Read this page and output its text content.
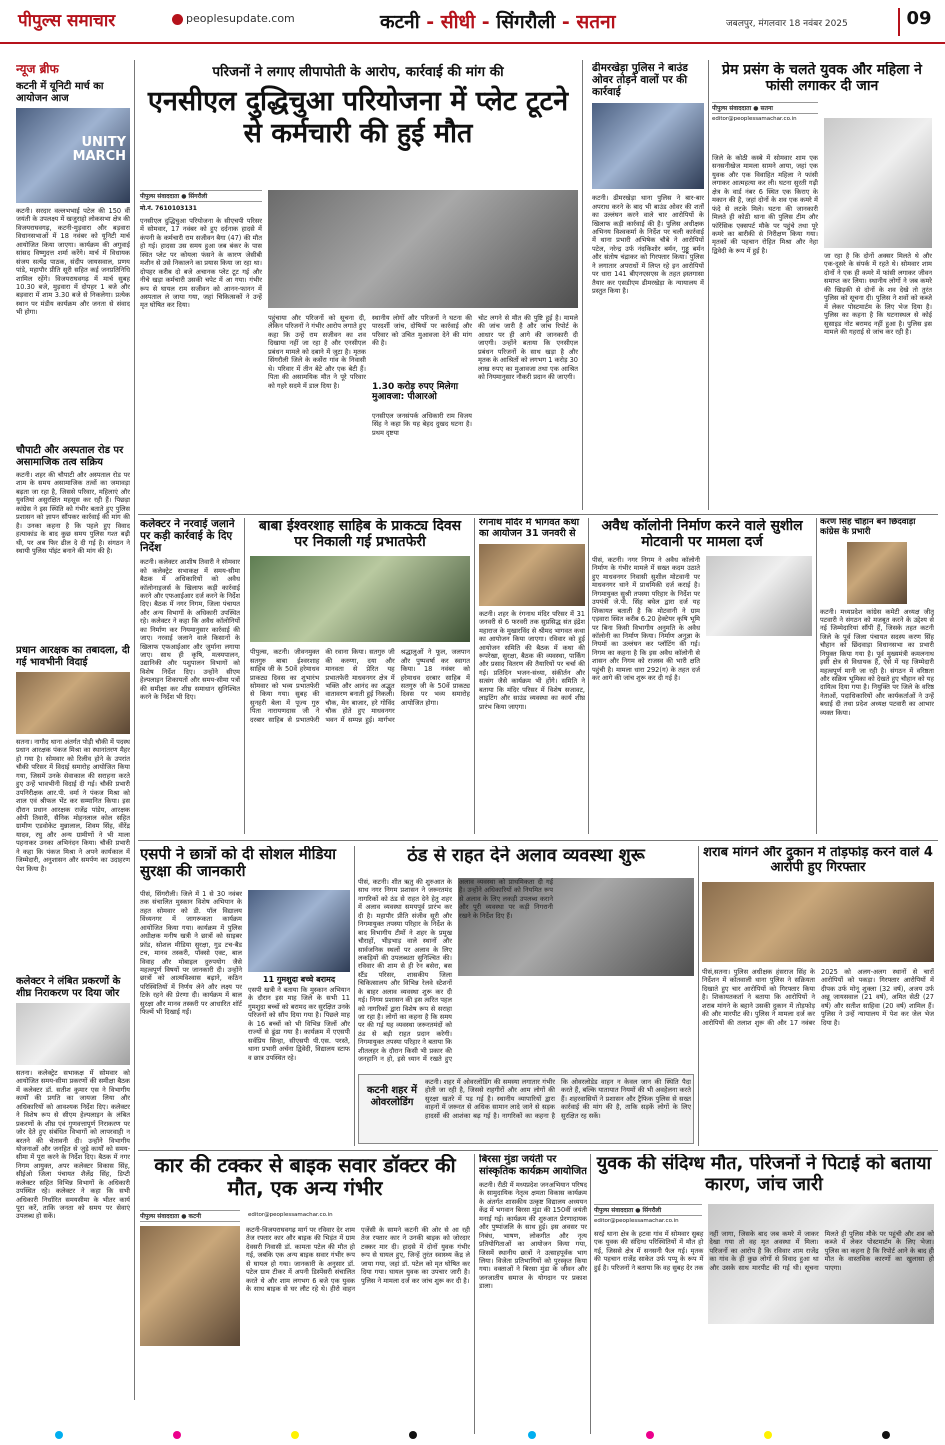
पीपुल्स समाचार	peoplesupdate.com	कटनी - सीधी - सिंगरौली - सतना	जबलपुर, मंगलवार 18 नवंबर 2025	09
न्यूज ब्रीफ
कटनी में यूनिटी मार्च का आयोजन आज
UNITY MARCH
कटनी। सरदार वल्लभभाई पटेल की 150 वीं जयंती के उपलक्ष्य में खजुराहो लोकसभा क्षेत्र की विजयराघवगढ़, कटनी-मुड़वारा और बड़वारा विधानसभाओं में 18 नवंबर को यूनिटी मार्च आयोजित किया जाएगा। कार्यक्रम की अगुवाई सांसद विष्णुदत्त शर्मा करेंगे। मार्च में विधायक संजय सत्येंद्र पाठक, संदीप जायसवाल, प्रणय पांडे, महापौर प्रीति सूरी सहित कई जनप्रतिनिधि शामिल रहेंगे। विजयराघवगढ़ में मार्च सुबह 10.30 बजे, मुड़वारा में दोपहर 1 बजे और बड़वारा में शाम 3.30 बजे से निकलेगा। प्रत्येक स्थान पर मंडीय कार्यक्रम और जनता से संवाद भी होगा।
चौपाटी और अस्पताल रोड पर असामाजिक तत्व सक्रिय
कटनी। शहर की चौपाटी और अस्पताल रोड पर शाम के समय असामाजिक तत्वों का जमावड़ा बढ़ता जा रहा है, जिससे परिवार, महिलाएं और युवतियां असुरक्षित महसूस कर रही हैं। पिछड़ा कांग्रेस ने इस स्थिति को गंभीर बताते हुए पुलिस प्रशासन को ज्ञापन सौंपकर कार्रवाई की मांग की है। उनका कहना है कि पहले हुए विवाद हत्याकांड के बाद कुछ समय पुलिस गश्त बढ़ी थी, पर अब फिर ढील दे दी गई है। संगठन ने स्थायी पुलिस पॉइंट बनाने की मांग की है।
प्रधान आरक्षक का तबादला, दी गई भावभीनी विदाई
सतना। नागौद थाना अंतर्गत पोड़ी चौकी में पदस्थ प्रधान आरक्षक पंकज मिश्रा का स्थानांतरण मैहर हो गया है। सोमवार को रिलीव होने के उपरांत चौकी परिसर में विदाई समारोह आयोजित किया गया, जिसमें उनके सेवाकाल की सराहना करते हुए उन्हें भावभीनी विदाई दी गई। चौकी प्रभारी उपनिरीक्षक आर.पी. वर्मा ने पंकज मिश्रा को शाल एवं श्रीफल भेंट कर सम्मानित किया। इस दौरान प्रधान आरक्षक राजेंद्र पांडेय, आरक्षक ओपी तिवारी, सैनिक मोहनलाल कोल सहित ग्रामीण एडवोकेट मुन्नालाल, शिवम सिंह, वीरेंद्र यादव, रघु और अन्य ग्रामीणों ने भी माला पहनाकर उनका अभिनंदन किया। चौकी प्रभारी ने कहा कि पंकज मिश्रा ने अपने कार्यकाल में जिम्मेदारी, अनुशासन और समर्पण का उदाहरण पेश किया है।
कलेक्टर ने लंबित प्रकरणों के शीघ्र निराकरण पर दिया जोर
सतना। कलेक्ट्रेट सभाकक्ष में सोमवार को आयोजित समय-सीमा प्रकरणों की समीक्षा बैठक में कलेक्टर डॉ. सतीश कुमार एस ने विभागीय कार्यों की प्रगति का जायजा लिया और अधिकारियों को आवश्यक निर्देश दिए। कलेक्टर ने विशेष रूप से सीएम हेल्पलाइन के लंबित प्रकरणों के शीघ्र एवं गुणवत्तापूर्ण निराकरण पर जोर देते हुए संबंधित विभागों को लापरवाही न बरतने की चेतावनी दी। उन्होंने विभागीय योजनाओं और जनहित से जुड़े कार्यों को समय-सीमा में पूरा करने के निर्देश दिए। बैठक में नगर निगम आयुक्त, अपर कलेक्टर विकास सिंह, सीईओ जिला पंचायत शैलेंद्र सिंह, डिप्टी कलेक्टर सहित विभिन्न विभागों के अधिकारी उपस्थित रहे। कलेक्टर ने कहा कि सभी अधिकारी निर्धारित समयसीमा के भीतर कार्य पूरा करें, ताकि जनता को समय पर सेवाएं उपलब्ध हो सकें।
परिजनों ने लगाए लीपापोती के आरोप, कार्रवाई की मांग की
एनसीएल दुद्धिचुआ परियोजना में प्लेट टूटने से कर्मचारी की हुई मौत
पीपुल्स संवाददाता ● सिंगरौली
मो.नं. 7610103131
एनसीएल दुद्धिचुआ परियोजना के सीएचपी परिसर में सोमवार, 17 नवंबर को हुए दर्दनाक हादसे में कंपनी के कर्मचारी राम सजीवन बैगा (47) की मौत हो गई। हादसा उस समय हुआ जब बंकर के पास स्थित प्लेट पर कोयला फंसने के कारण जेसीबी मशीन से उसे निकालने का प्रयास किया जा रहा था। दोपहर करीब दो बजे अचानक प्लेट टूट गई और नीचे खड़ा कर्मचारी उसकी चपेट में आ गया। गंभीर रूप से घायल राम सजीवन को आनन-फानन में अस्पताल ले जाया गया, जहां चिकित्सकों ने उन्हें मृत घोषित कर दिया।
पहुंचाया और परिजनों को सूचना दी, लेकिन परिजनों ने गंभीर आरोप लगाते हुए कहा कि उन्हें राम सजीवन का शव दिखाया नहीं जा रहा है और एनसीएल प्रबंधन मामले को दबाने में जुटा है। मृतक सिंगरौली जिले के कर्सेरा गांव के निवासी थे। परिवार में तीन बेटे और एक बेटी हैं। पिता की असामयिक मौत ने पूरे परिवार को गहरे सदमे में डाल दिया है।
स्थानीय लोगों और परिजनों ने घटना की पारदर्शी जांच, दोषियों पर कार्रवाई और परिवार को उचित मुआवजा देने की मांग की है।
1.30 करोड़ रुपए मिलेगा मुआवजा: पीआरओ
एनसीएल जनसंपर्क अधिकारी राम विजय सिंह ने कहा कि यह बेहद दुखद घटना है। प्रथम दृष्टया
चोट लगने से मौत की पुष्टि हुई है। मामले की जांच जारी है और जांच रिपोर्ट के आधार पर ही आगे की जानकारी दी जाएगी। उन्होंने बताया कि एनसीएल प्रबंधन परिजनों के साथ खड़ा है और मृतक के आश्रितों को लगभग 1 करोड़ 30 लाख रुपए का मुआवजा तथा एक आश्रित को नियमानुसार नौकरी प्रदान की जाएगी।
ढीमरखेड़ा पुलिस ने बाउंड ओवर तोड़ने वालों पर की कार्रवाई
कटनी। ढीमरखेड़ा थाना पुलिस ने बार-बार अपराध करने के बाद भी बाउंड ओवर की शर्तों का उल्लंघन करने वाले चार आरोपियों के खिलाफ कड़ी कार्रवाई की है। पुलिस अधीक्षक अभिनय विश्वकर्मा के निर्देश पर चली कार्रवाई में थाना प्रभारी अभिषेक चौबे ने आरोपियों पटेल, नरेन्द्र उर्फ नंदकिशोर बर्मन, गुड्डू बर्मन और संतोष चंद्राकर को गिरफ्तार किया। पुलिस ने लगातार अपराधों में लिप्त रहे इन आरोपियों पर धारा 141 बीएनएसएस के तहत इस्तगासा तैयार कर एसडीएम ढीमरखेड़ा के न्यायालय में प्रस्तुत किया है।
प्रेम प्रसंग के चलते युवक और महिला ने फांसी लगाकर दी जान
पीपुल्स संवाददाता ● सतना
editor@peoplessamachar.co.in
जिले के कोठी कस्बे में सोमवार शाम एक सनसनीखेज मामला सामने आया, जहां एक युवक और एक विवाहित महिला ने फांसी लगाकर आत्महत्या कर ली। घटना सुरती गढ़ी क्षेत्र के वार्ड नंबर 6 स्थित एक किराए के मकान की है, जहां दोनों के शव एक कमरे में फंदे से लटके मिले। घटना की जानकारी मिलते ही कोठी थाना की पुलिस टीम और फॉरेंसिक एक्सपर्ट मौके पर पहुंचे तथा पूरे कमरे का बारीकी से निरीक्षण किया गया। मृतकों की पहचान रोहित मिश्रा और नेहा द्विवेदी के रूप में हुई है।
जा रहा है कि दोनों अक्सर मिलते थे और एक-दूसरे के संपर्क में रहते थे। सोमवार शाम दोनों ने एक ही कमरे में फांसी लगाकर जीवन समाप्त कर लिया। स्थानीय लोगों ने जब कमरे की खिड़की से दोनों के शव देखे तो तुरंत पुलिस को सूचना दी। पुलिस ने शवों को कब्जे में लेकर पोस्टमार्टम के लिए भेज दिया है। पुलिस का कहना है कि घटनास्थल से कोई सुसाइड नोट बरामद नहीं हुआ है। पुलिस इस मामले की गहराई से जांच कर रही है।
कलेक्टर ने नरवाई जलाने पर कड़ी कार्रवाई के दिए निर्देश
कटनी। कलेक्टर आशीष तिवारी ने सोमवार को कलेक्ट्रेट सभाकक्ष में समय-सीमा बैठक में अधिकारियों को अवैध कॉलोनाइजर्स के खिलाफ कड़ी कार्रवाई करने और एफआईआर दर्ज करने के निर्देश दिए। बैठक में नगर निगम, जिला पंचायत और अन्य विभागों के अधिकारी उपस्थित रहे। कलेक्टर ने कहा कि अवैध कॉलोनियों का निर्माण कर नियमानुसार कार्रवाई की जाए। नरवाई जलाने वाले किसानों के खिलाफ एफआईआर और जुर्माना लगाया जाए। साथ ही कृषि, मत्स्यपालन, उद्यानिकी और पशुपालन विभागों को विशेष निर्देश दिए। उन्होंने सीएम हेल्पलाइन शिकायतों और समय-सीमा पत्रों की समीक्षा कर शीघ्र समाधान सुनिश्चित करने के निर्देश भी दिए।
बाबा ईश्वरशाह साहिब के प्राकट्य दिवस पर निकाली गई प्रभातफेरी
पीपुल्स, कटनी। जीवनमुक्त सतगुरु बाबा ईश्वरशाह साहिब जी के 50वें हरेमाधव प्राकट्य दिवस का शुभारंभ सोमवार को भव्य प्रभातफेरी से किया गया। सुबह की सुनहरी बेला में पूज्य गुरु पिता नारायणदास जी ने दरबार साहिब से प्रभातफेरी की रवाना किया। सतगुरु जी की करुणा, दया और मानवता से प्रेरित यह प्रभातफेरी माधवनगर क्षेत्र में भक्ति और आनंद का अद्भुत वातावरण बनाती हुई निकली। चौक, मेन बाजार, हरे गोविंद चौक होते हुए माधवनगर भवन में सम्पन्न हुई। मार्गभर श्रद्धालुओं ने फूल, जलपान और पुष्पवर्षा कर स्वागत किया। 18 नवंबर को हरेमाधव दरबार साहिब में सतगुरु जी के 50वें प्राकट्य दिवस पर भव्य समारोह आयोजित होगा।
रंगनाथ मंदिर में भागवत कथा का आयोजन 31 जनवरी से
कटनी। शहर के रंगनाथ मंदिर परिसर में 31 जनवरी से 6 फरवरी तक सुप्रसिद्ध संत इंद्रेश महाराज के मुखारविंद से श्रीमद भागवत कथा का आयोजन किया जाएगा। रविवार को हुई आयोजन समिति की बैठक में कथा की रूपरेखा, सुरक्षा, बैठक की व्यवस्था, पार्किंग और प्रसाद वितरण की तैयारियों पर चर्चा की गई। प्रतिदिन भजन-संध्या, संकीर्तन और सत्संग जैसे कार्यक्रम भी होंगे। समिति ने बताया कि मंदिर परिसर में विशेष सजावट, लाइटिंग और साउंड व्यवस्था का कार्य शीघ्र प्रारंभ किया जाएगा।
अवैध कॉलोनी निर्माण करने वाले सुशील मोटवानी पर मामला दर्ज
पीसं, कटनी। नगर निगम ने अवैध कॉलोनी निर्माण के गंभीर मामले में सख्त कदम उठाते हुए माधवनगर निवासी सुशील मोटवानी पर माधवनगर थाने में प्राथमिकी दर्ज कराई है। निगमायुक्त सुश्री तपस्या परिहार के निर्देश पर उपयंत्री जे.पी. सिंह बघेल द्वारा दर्ज यह शिकायत बताती है कि मोटवानी ने ग्राम एड़वारा स्थित करीब 6.20 हेक्टेयर कृषि भूमि पर बिना किसी विभागीय अनुमति के अवैध कॉलोनी का निर्माण किया। निर्माण अनुज्ञा के नियमों का उल्लंघन कर प्लॉटिंग की गई। निगम का कहना है कि इस अवैध कॉलोनी से शासन और निगम को राजस्व की भारी क्षति पहुंची है। मामला धारा 292(ग) के तहत दर्ज कर आगे की जांच शुरू कर दी गई है।
करण सिंह चौहान बने छिंदवाड़ा कांग्रेस के प्रभारी
कटनी। मध्यप्रदेश कांग्रेस कमेटी अध्यक्ष जीतू पटवारी ने संगठन को मजबूत करने के उद्देश्य से नई जिम्मेदारियां सौंपी हैं, जिसके तहत कटनी जिले के पूर्व जिला पंचायत सदस्य करण सिंह चौहान को छिंदवाड़ा विधानसभा का प्रभारी नियुक्त किया गया है। पूर्व मुख्यमंत्री कमलनाथ इसी क्षेत्र से विधायक हैं, ऐसे में यह जिम्मेदारी महत्वपूर्ण मानी जा रही है। संगठन में वरिष्ठता और सक्रिय भूमिका को देखते हुए चौहान को यह दायित्व दिया गया है। नियुक्ति पर जिले के वरिष्ठ नेताओं, पदाधिकारियों और कार्यकर्ताओं ने उन्हें बधाई दी तथा प्रदेश अध्यक्ष पटवारी का आभार व्यक्त किया।
एसपी ने छात्रों को दी सोशल मीडिया सुरक्षा की जानकारी
पीसं, सिंगरौली। जिले में 1 से 30 नवंबर तक संचालित मुस्कान विशेष अभियान के तहत सोमवार को डी. पॉल विद्यालय विंध्यनगर में जागरूकता कार्यक्रम आयोजित किया गया। कार्यक्रम में पुलिस अधीक्षक मनीष खत्री ने छात्रों को साइबर फ्रॉड, सोशल मीडिया सुरक्षा, गुड टच-बैड टच, मानव तस्करी, पॉक्सो एक्ट, बाल विवाह और मोबाइल दुरुपयोग जैसे महत्वपूर्ण विषयों पर जानकारी दी। उन्होंने छात्रों को आत्मविश्वास बढ़ाने, कठिन परिस्थितियों में निर्णय लेने और लक्ष्य पर टिके रहने की प्रेरणा दी। कार्यक्रम में बाल सुरक्षा और मानव तस्करी पर आधारित शॉर्ट फिल्में भी दिखाई गईं।
11 गुमशुदा बच्चे बरामद
एसपी खत्री ने बताया कि मुस्कान अभियान के दौरान इस माह जिले के सभी 11 गुमशुदा बच्चों को बरामद कर सुरक्षित उनके परिजनों को सौंप दिया गया है। पिछले माह के 16 बच्चों को भी विभिन्न जिलों और राज्यों से ढूंढा गया है। कार्यक्रम में एएसपी सर्वप्रिय सिन्हा, सीएसपी पी.एस. परस्ते, थाना प्रभारी अर्चना द्विवेदी, विद्यालय स्टाफ व छात्र उपस्थित रहे।
ठंड से राहत देने अलाव व्यवस्था शुरू
पीसं, कटनी। शीत ऋतु की शुरुआत के साथ नगर निगम प्रशासन ने जरूरतमंद नागरिकों को ठंड से राहत देने हेतु शहर में अलाव व्यवस्था समयपूर्व प्रारंभ कर दी है। महापौर प्रीति संजीव सूरी और निगमायुक्त तपस्या परिहार के निर्देश के बाद विभागीय टीमों ने शहर के प्रमुख चौराहों, भीड़भाड़ वाले स्थानों और सार्वजनिक स्थलों पर अलाव के लिए लकड़ियों की उपलब्धता सुनिश्चित की। रविवार की शाम से ही रेन बसेरा, बस स्टैंड परिसर, शासकीय जिला चिकित्सालय और विभिन्न रेलवे स्टेशनों के बाहर अलाव व्यवस्था शुरू कर दी गई। निगम प्रशासन की इस त्वरित पहल को नागरिकों द्वारा विशेष रूप से सराहा जा रहा है। लोगों का कहना है कि समय पर की गई यह व्यवस्था जरूरतमंदों को ठंड से बड़ी राहत प्रदान करेगी। निगमायुक्त तपस्या परिहार ने बताया कि शीतलहर के दौरान किसी भी प्रकार की जनहानि न हो, इसे ध्यान में रखते हुए
कटनी शहर में ओवरलोडिंग
कटनी। शहर में ओवरलोडिंग की समस्या लगातार गंभीर होती जा रही है, जिससे राहगीरों और आम लोगों की सुरक्षा खतरे में पड़ गई है। स्थानीय व्यापारियों द्वारा वाहनों में जरूरत से अधिक सामान लादे जाने से सड़क हादसों की आशंका बढ़ गई है। नागरिकों का कहना है कि ओवरलोडेड वाहन न केवल जान की स्थिति पैदा करते हैं, बल्कि यातायात नियमों की भी अवहेलना करते हैं। शहरवासियों ने प्रशासन और ट्रैफिक पुलिस से सख्त कार्रवाई की मांग की है, ताकि सड़कें लोगों के लिए सुरक्षित रह सकें।
शराब मांगने और दुकान में तोड़फोड़ करने वाले 4 आरोपी हुए गिरफ्तार
पीसं,सतना। पुलिस अधीक्षक हंसराज सिंह के निर्देशन में कोतवाली थाना पुलिस ने सक्रियता दिखाते हुए चार आरोपियों को गिरफ्तार किया है। शिकायतकर्ता ने बताया कि आरोपियों ने शराब मांगने के बहाने उसकी दुकान में तोड़फोड़ की और मारपीट की। पुलिस ने मामला दर्ज कर आरोपियों की तलाश शुरू की और 17 नवंबर 2025 को अलग-अलग स्थानों से चारों आरोपियों को पकड़ा। गिरफ्तार आरोपियों में दीपक उर्फ मोनू शुक्ला (32 वर्ष), अजय उर्फ अन्नू जायसवाल (21 वर्ष), अमित सेठी (27 वर्ष) और सतीश साहिवा (20 वर्ष) शामिल हैं। पुलिस ने उन्हें न्यायालय में पेश कर जेल भेज दिया है।
कार की टक्कर से बाइक सवार डॉक्टर की मौत, एक अन्य गंभीर
पीपुल्स संवाददाता ● कटनी	editor@peoplessamachar.co.in
कटनी-विजयराघवगढ़ मार्ग पर रविवार देर शाम तेज रफ्तार कार और बाइक की भिड़ंत में ग्राम देवसरी निवासी डॉ. कामता पटेल की मौत हो गई, जबकि एक अन्य बाइक सवार गंभीर रूप से घायल हो गया। जानकारी के अनुसार डॉ. पटेल ग्राम टीकर में अपनी डिस्पेंसरी संचालित करते थे और शाम लगभग 6 बजे एक युवक के साथ बाइक से घर लौट रहे थे। हीरो वाहन एजेंसी के सामने कटनी की ओर से आ रही तेज रफ्तार कार ने उनकी बाइक को जोरदार टक्कर मार दी। हादसे में दोनों युवक गंभीर रूप से घायल हुए, जिन्हें तुरंत स्वास्थ्य केंद्र ले जाया गया, जहां डॉ. पटेल को मृत घोषित कर दिया गया। घायल युवक का उपचार जारी है। पुलिस ने मामला दर्ज कर जांच शुरू कर दी है।
बिरसा मुंडा जयंती पर सांस्कृतिक कार्यक्रम आयोजित
कटनी। रीठी में मध्यप्रदेश जनअभियान परिषद के सामुदायिक नेतृत्व क्षमता विकास कार्यक्रम के अंतर्गत शासकीय उत्कृष्ट विद्यालय अध्ययन केंद्र में भगवान बिरसा मुंडा की 150वीं जयंती मनाई गई। कार्यक्रम की शुरुआत प्रेरणादायक और पुष्पांजलि के साथ हुई। इस अवसर पर निबंध, भाषण, लोकगीत और नृत्य प्रतियोगिताओं का आयोजन किया गया, जिसमें स्थानीय छात्रों ने उत्साहपूर्वक भाग लिया। विजेता प्रतिभागियों को पुरस्कृत किया गया। वक्ताओं ने बिरसा मुंडा के जीवन और जनजातीय समाज के योगदान पर प्रकाश डाला।
युवक की संदिग्ध मौत, परिजनों ने पिटाई को बताया कारण, जांच जारी
पीपुल्स संवाददाता ● सिंगरौली
editor@peoplessamachar.co.in
सरई थाना क्षेत्र के हटवा गांव में सोमवार सुबह एक युवक की संदिग्ध परिस्थितियों में मौत हो गई, जिससे क्षेत्र में सनसनी फैल गई। मृतक की पहचान राजेंद्र साकेत उर्फ पप्पू के रूप में हुई है। परिजनों ने बताया कि वह सुबह देर तक नहीं जागा, जिसके बाद जब कमरे में जाकर देखा गया तो वह मृत अवस्था में मिला। परिजनों का आरोप है कि रविवार शाम राजेंद्र का गांव के ही कुछ लोगों से विवाद हुआ था और उसके साथ मारपीट की गई थी। सूचना मिलते ही पुलिस मौके पर पहुंची और शव को कब्जे में लेकर पोस्टमार्टम के लिए भेजा। पुलिस का कहना है कि रिपोर्ट आने के बाद ही मौत के वास्तविक कारणों का खुलासा हो पाएगा।
